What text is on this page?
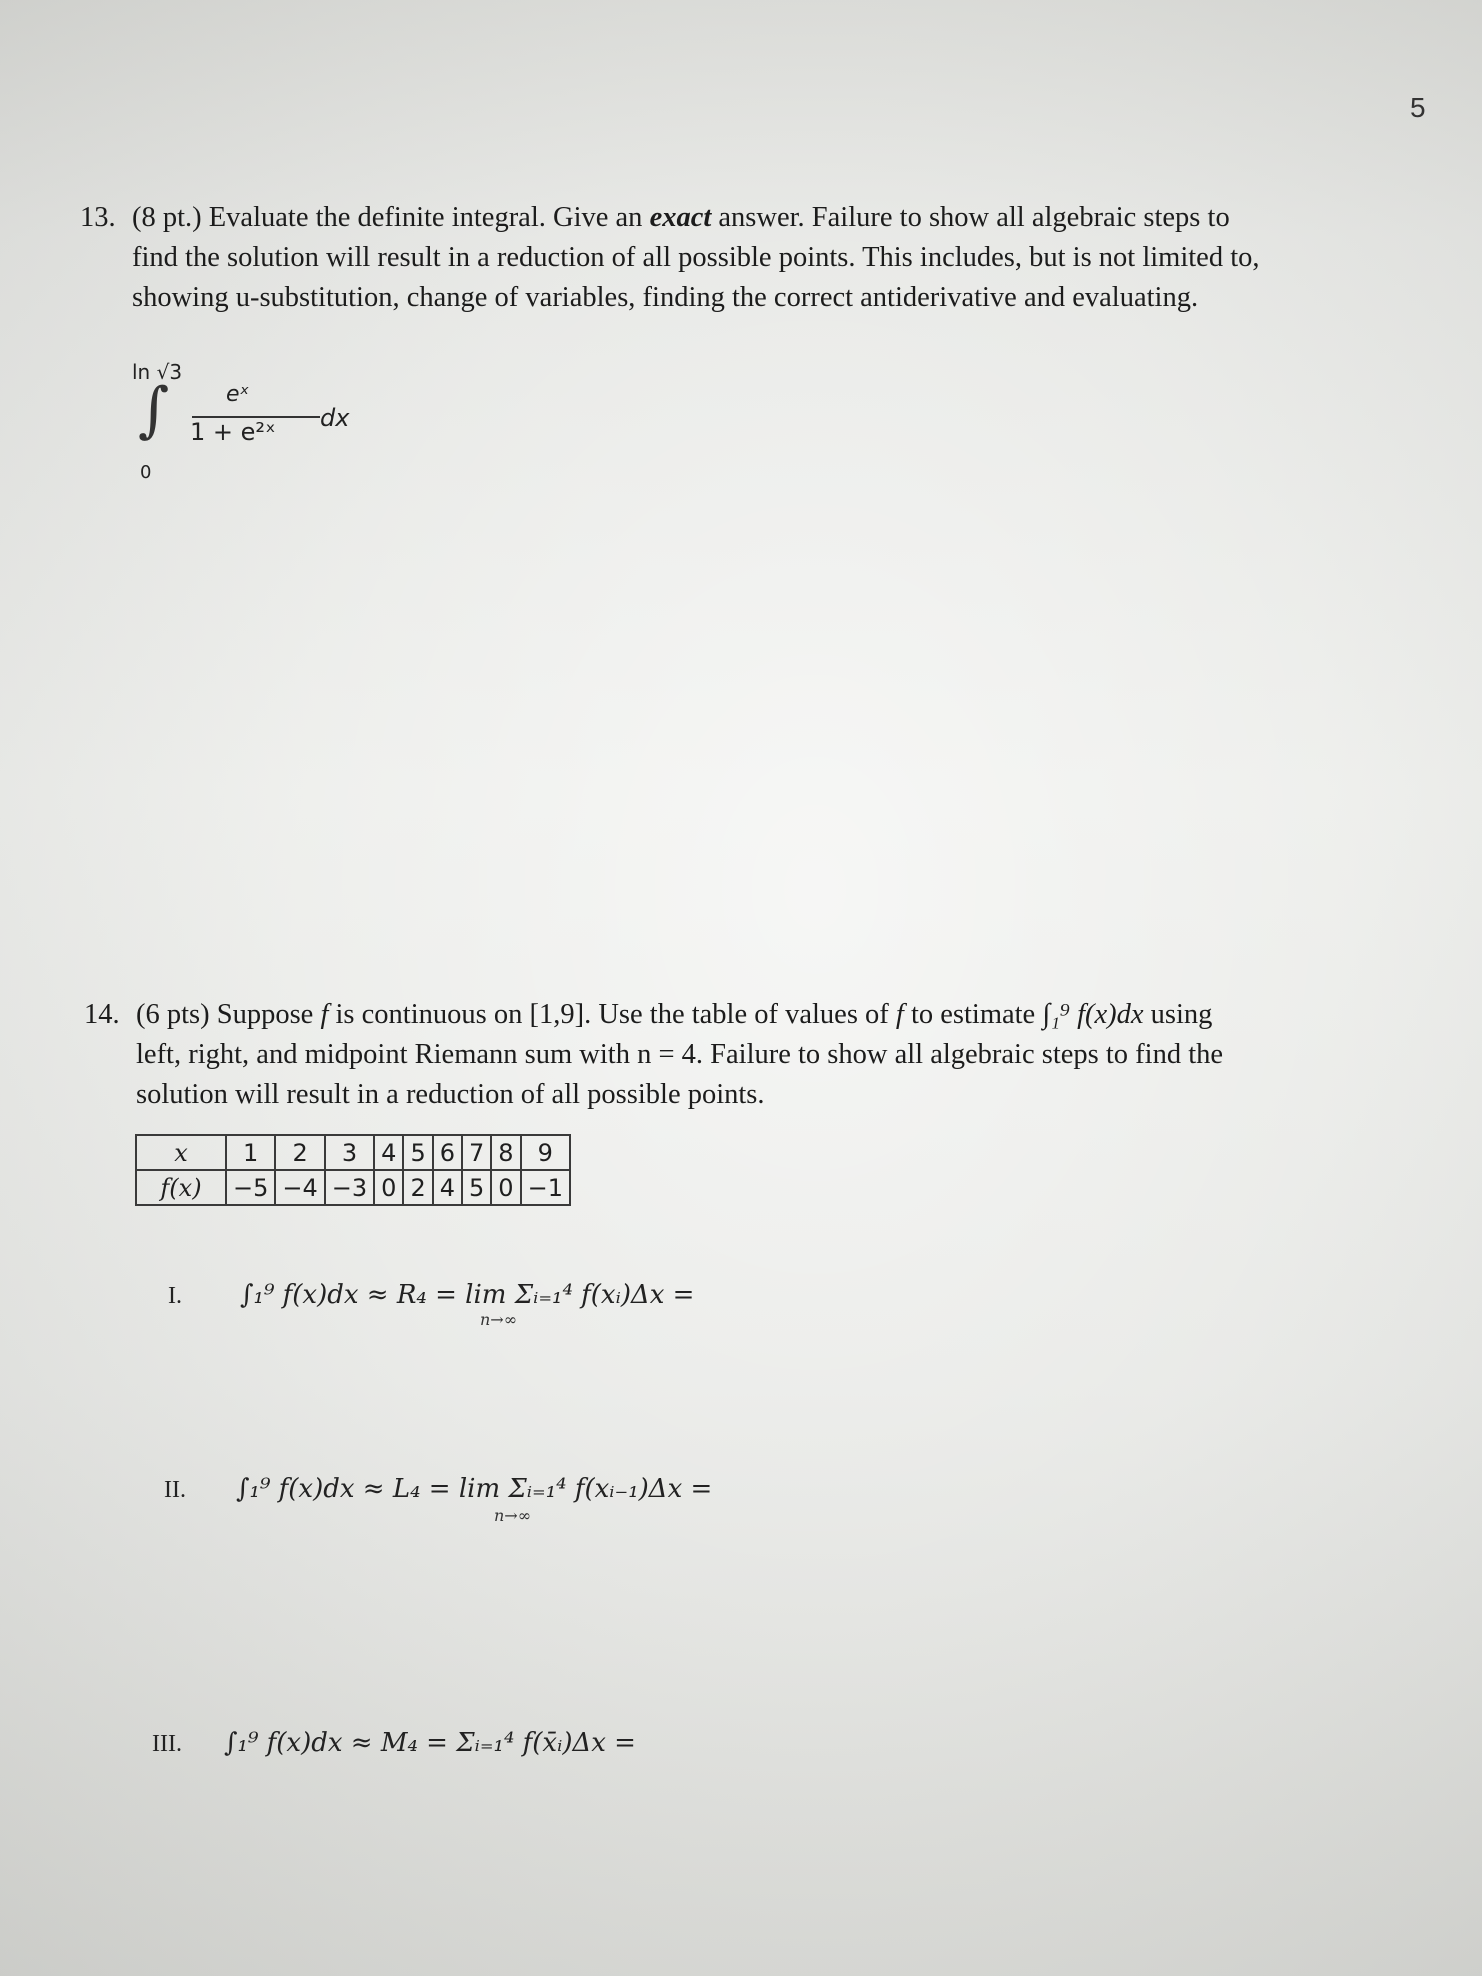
5
13. (8 pt.) Evaluate the definite integral. Give an exact answer. Failure to show all algebraic steps to
find the solution will result in a reduction of all possible points. This includes, but is not limited to,
showing u-substitution, change of variables, finding the correct antiderivative and evaluating.
ln √3
∫
0
eˣ
1 + e²ˣ dx
14. (6 pts) Suppose f is continuous on [1,9]. Use the table of values of f to estimate ∫₁⁹ f(x)dx using
left, right, and midpoint Riemann sum with n = 4. Failure to show all algebraic steps to find the
solution will result in a reduction of all possible points.
x	1	2	3	4	5	6	7	8	9
f(x)	−5	−4	−3	0	2	4	5	0	−1
I. ∫₁⁹ f(x)dx ≈ R₄ = lim Σᵢ₌₁⁴ f(xᵢ)Δx =
n→∞
II. ∫₁⁹ f(x)dx ≈ L₄ = lim Σᵢ₌₁⁴ f(xᵢ₋₁)Δx =
n→∞
III. ∫₁⁹ f(x)dx ≈ M₄ = Σᵢ₌₁⁴ f(x̄ᵢ)Δx =
